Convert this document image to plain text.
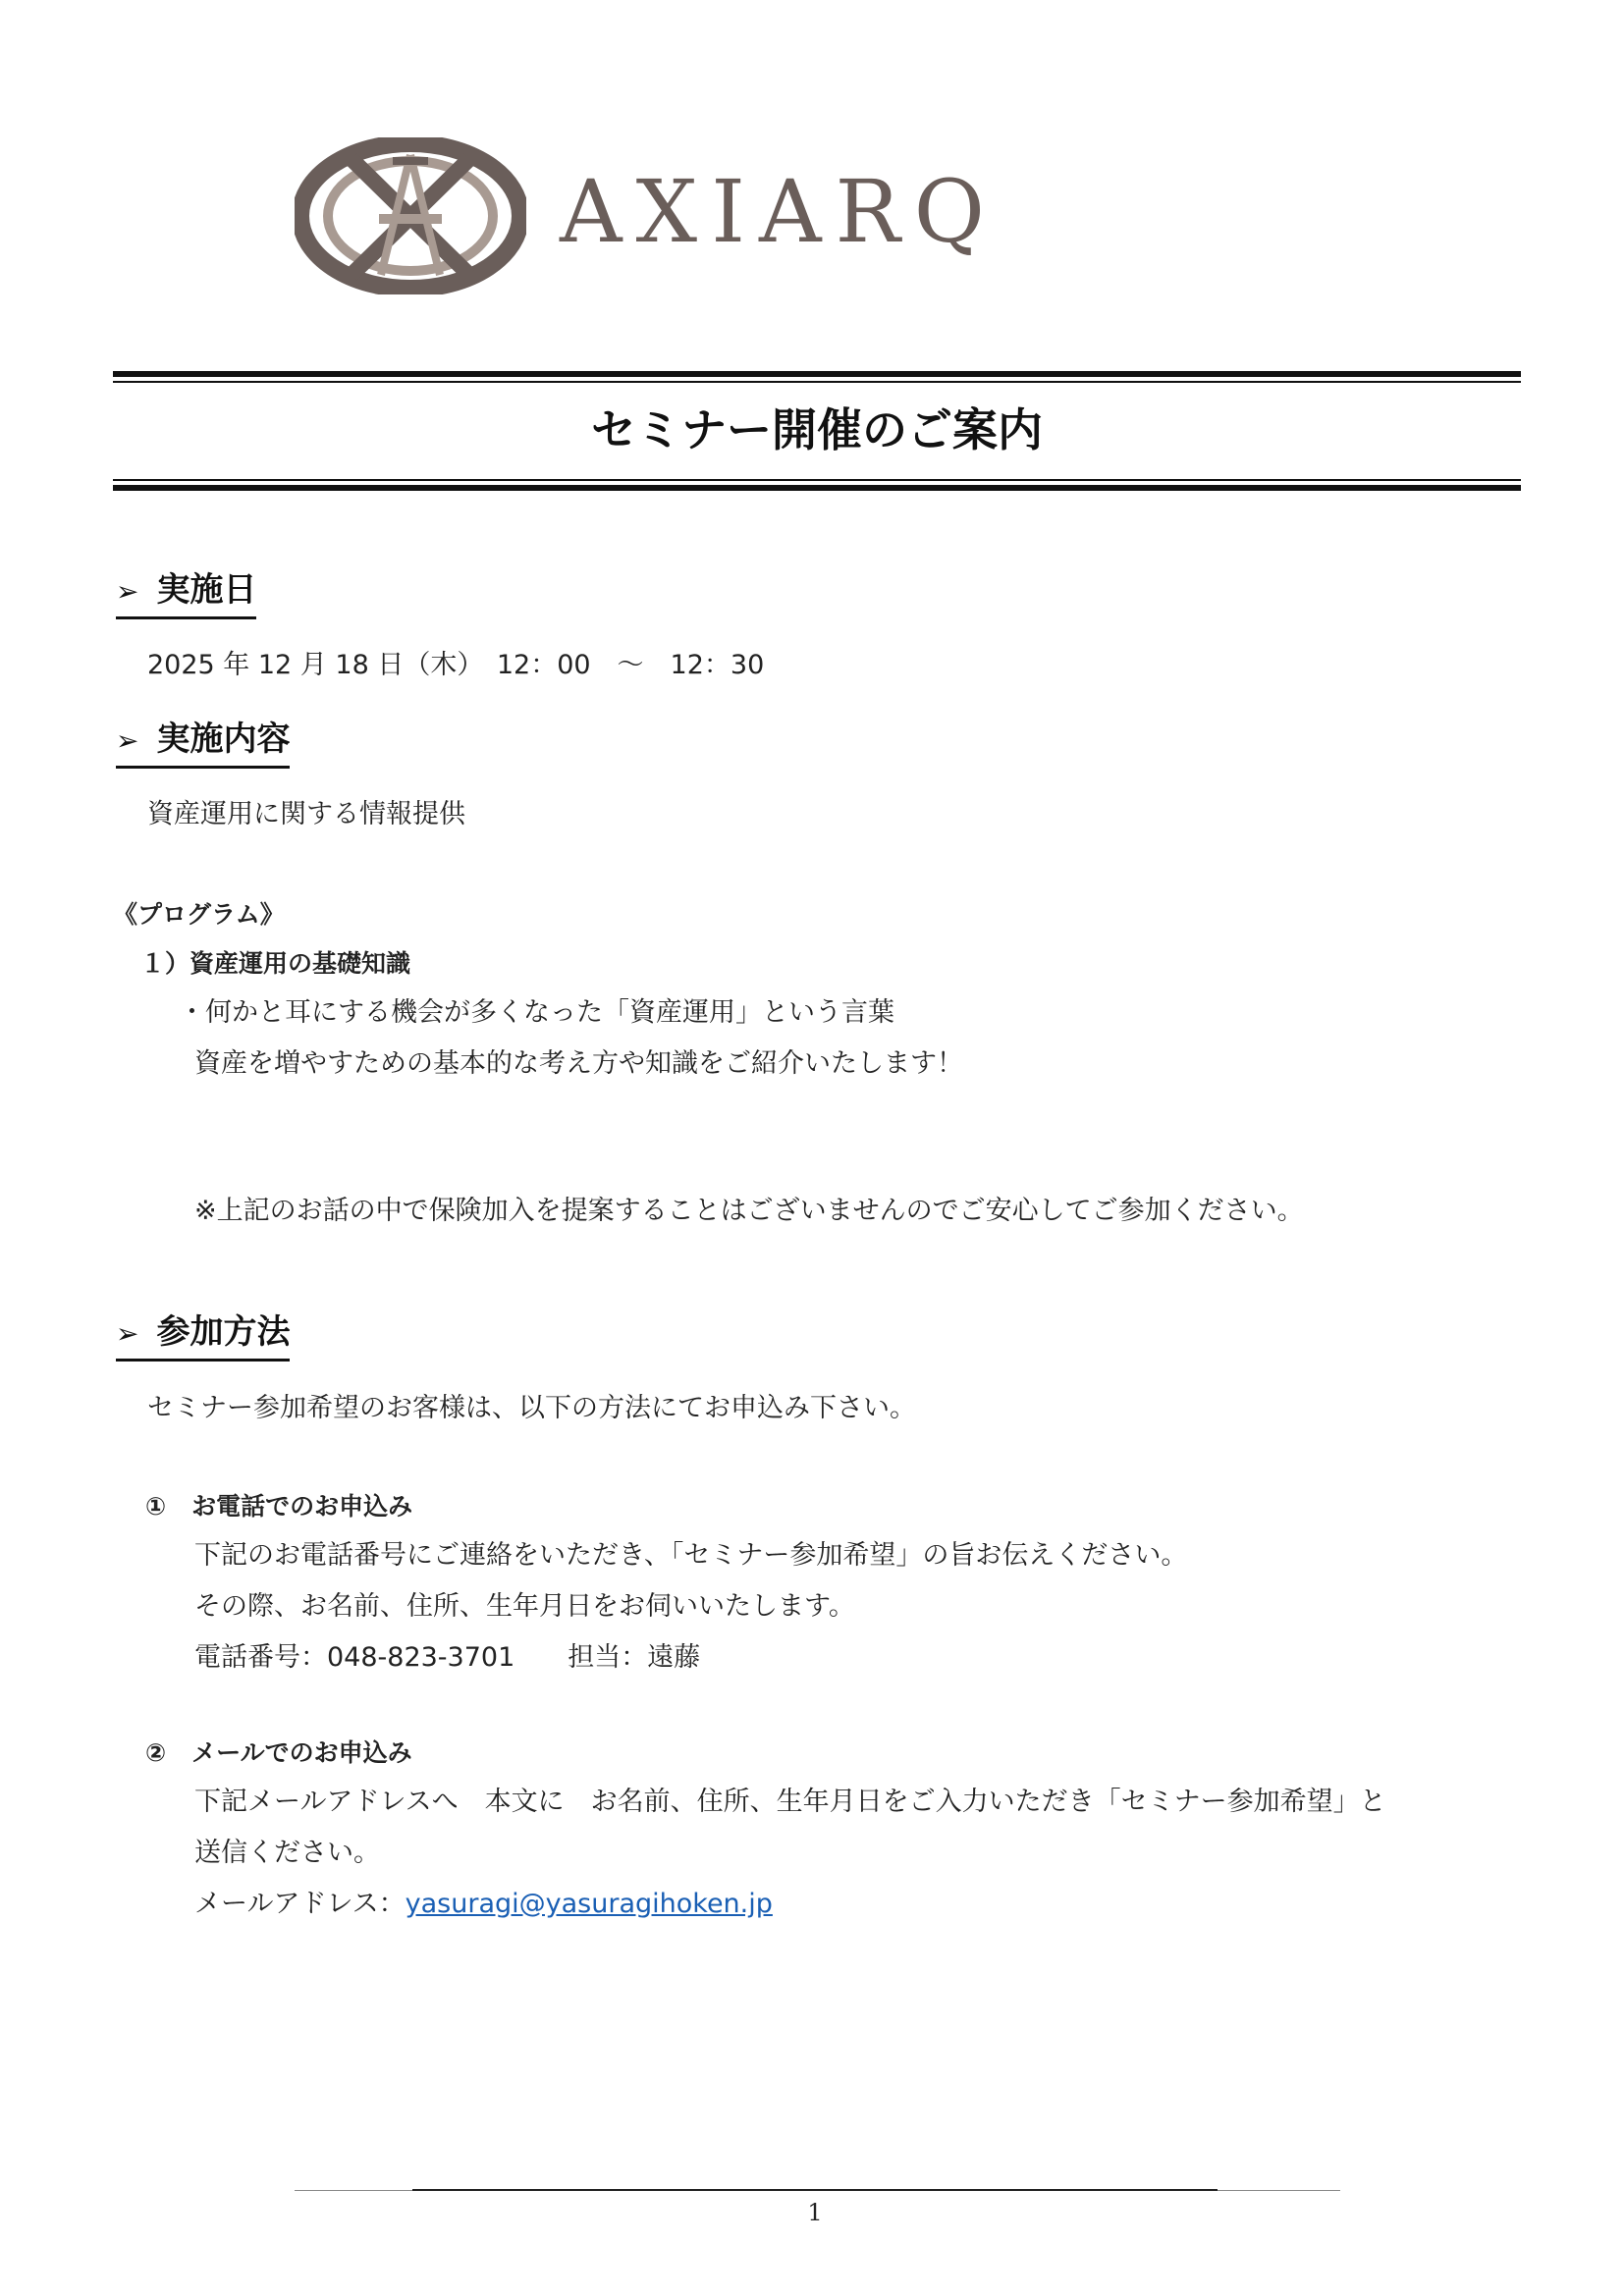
AXIARQ
セミナー開催のご案内
➢ 実施日
2025 年 12 月 18 日（木）　12：00　～　12：30
➢ 実施内容
資産運用に関する情報提供
《プログラム》
１）資産運用の基礎知識
・何かと耳にする機会が多くなった「資産運用」という言葉
資産を増やすための基本的な考え方や知識をご紹介いたします！
※上記のお話の中で保険加入を提案することはございませんのでご安心してご参加ください。
➢ 参加方法
セミナー参加希望のお客様は、以下の方法にてお申込み下さい。
① お電話でのお申込み
下記のお電話番号にご連絡をいただき、「セミナー参加希望」の旨お伝えください。
その際、お名前、住所、生年月日をお伺いいたします。
電話番号：048-823-3701　　担当：遠藤
② メールでのお申込み
下記メールアドレスへ　本文に　お名前、住所、生年月日をご入力いただき「セミナー参加希望」と
送信ください。
メールアドレス：yasuragi@yasuragihoken.jp
1
